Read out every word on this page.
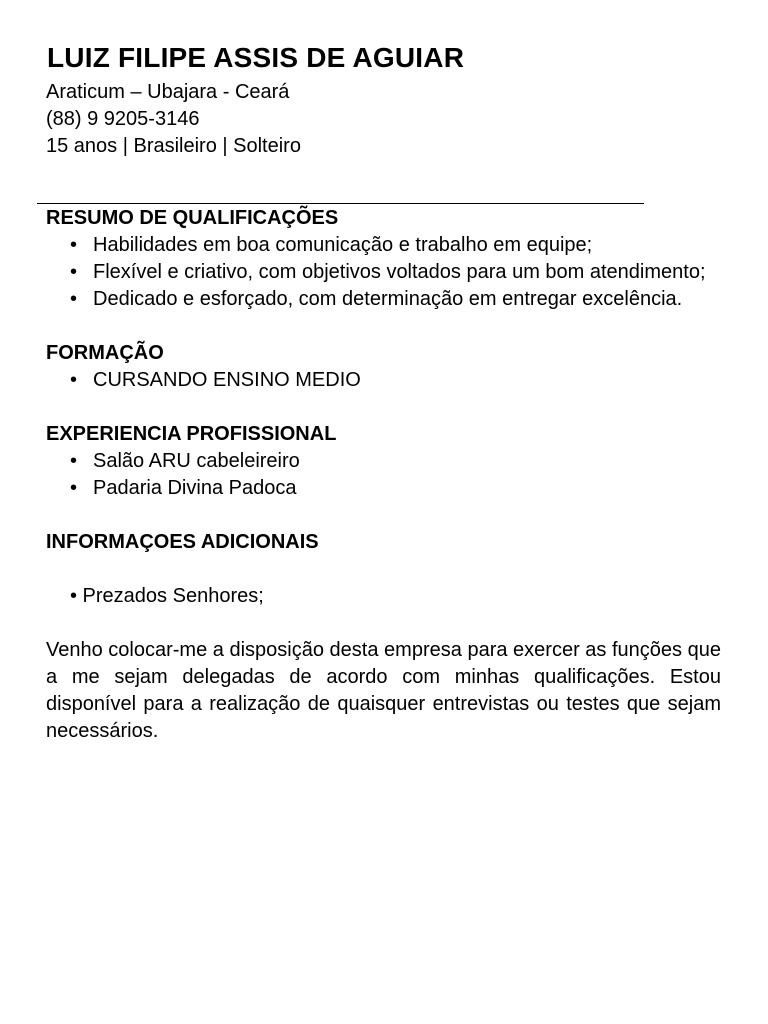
LUIZ FILIPE ASSIS DE AGUIAR
Araticum – Ubajara - Ceará
(88) 9 9205-3146
15 anos | Brasileiro | Solteiro
RESUMO DE QUALIFICAÇÕES
• Habilidades em boa comunicação e trabalho em equipe;
• Flexível e criativo, com objetivos voltados para um bom atendimento;
• Dedicado e esforçado, com determinação em entregar excelência.
FORMAÇÃO
• CURSANDO ENSINO MEDIO
EXPERIENCIA PROFISSIONAL
• Salão ARU cabeleireiro
• Padaria Divina Padoca
INFORMAÇOES ADICIONAIS

• Prezados Senhores;

Venho colocar-me a disposição desta empresa para exercer as funções que a me sejam delegadas de acordo com minhas qualificações. Estou disponível para a realização de quaisquer entrevistas ou testes que sejam necessários.
